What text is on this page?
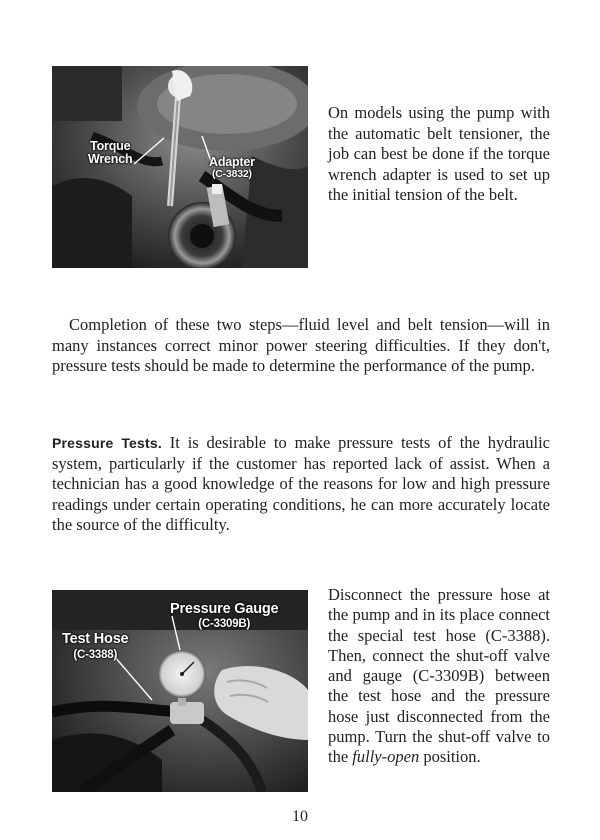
Torque
Wrench	Adapter
(C-3832)

On models using the pump with the automatic belt tensioner, the job can best be done if the torque wrench adapter is used to set up the initial tension of the belt.

Completion of these two steps—fluid level and belt tension—will in many instances correct minor power steering difficulties. If they don't, pressure tests should be made to determine the performance of the pump.

Pressure Tests. It is desirable to make pressure tests of the hydraulic system, particularly if the customer has reported lack of assist. When a technician has a good knowledge of the reasons for low and high pressure readings under certain operating conditions, he can more accurately locate the source of the difficulty.

Pressure Gauge
(C-3309B)
Test Hose
(C-3388)

Disconnect the pressure hose at the pump and in its place connect the special test hose (C-3388). Then, connect the shut-off valve and gauge (C-3309B) between the test hose and the pressure hose just disconnected from the pump. Turn the shut-off valve to the fully-open position.

10
